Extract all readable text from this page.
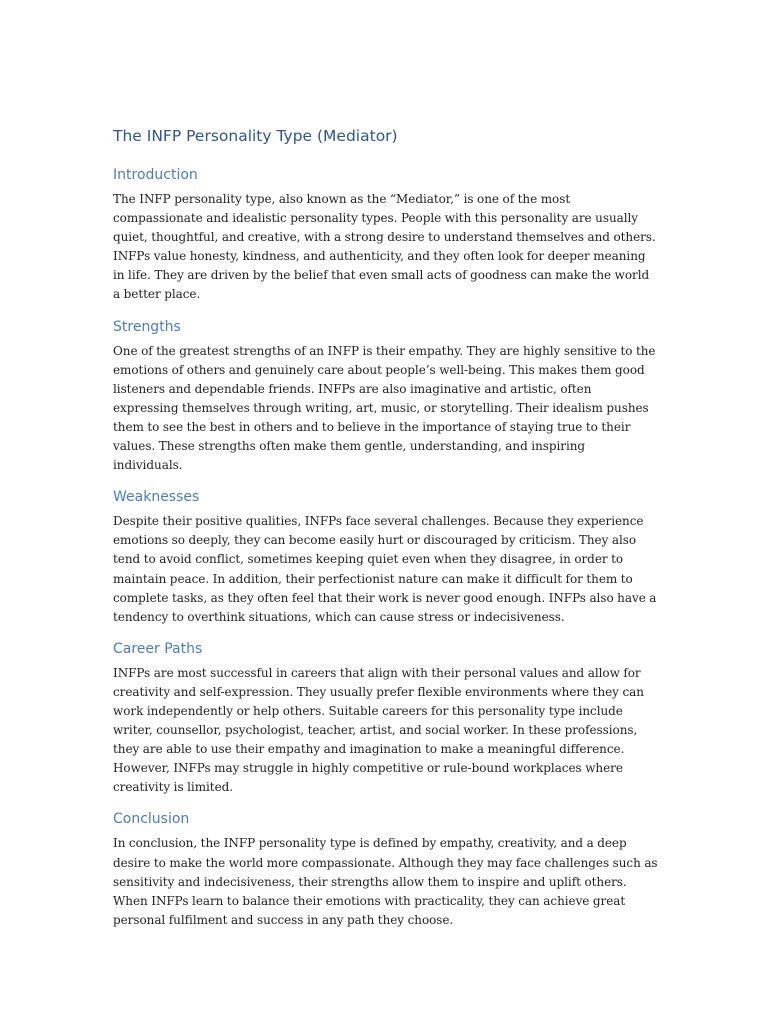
The INFP Personality Type (Mediator)
Introduction

The INFP personality type, also known as the “Mediator,” is one of the most compassionate and idealistic personality types. People with this personality are usually quiet, thoughtful, and creative, with a strong desire to understand themselves and others. INFPs value honesty, kindness, and authenticity, and they often look for deeper meaning in life. They are driven by the belief that even small acts of goodness can make the world a better place.

Strengths

One of the greatest strengths of an INFP is their empathy. They are highly sensitive to the emotions of others and genuinely care about people’s well-being. This makes them good listeners and dependable friends. INFPs are also imaginative and artistic, often expressing themselves through writing, art, music, or storytelling. Their idealism pushes them to see the best in others and to believe in the importance of staying true to their values. These strengths often make them gentle, understanding, and inspiring individuals.

Weaknesses

Despite their positive qualities, INFPs face several challenges. Because they experience emotions so deeply, they can become easily hurt or discouraged by criticism. They also tend to avoid conflict, sometimes keeping quiet even when they disagree, in order to maintain peace. In addition, their perfectionist nature can make it difficult for them to complete tasks, as they often feel that their work is never good enough. INFPs also have a tendency to overthink situations, which can cause stress or indecisiveness.

Career Paths

INFPs are most successful in careers that align with their personal values and allow for creativity and self-expression. They usually prefer flexible environments where they can work independently or help others. Suitable careers for this personality type include writer, counsellor, psychologist, teacher, artist, and social worker. In these professions, they are able to use their empathy and imagination to make a meaningful difference. However, INFPs may struggle in highly competitive or rule-bound workplaces where creativity is limited.

Conclusion

In conclusion, the INFP personality type is defined by empathy, creativity, and a deep desire to make the world more compassionate. Although they may face challenges such as sensitivity and indecisiveness, their strengths allow them to inspire and uplift others. When INFPs learn to balance their emotions with practicality, they can achieve great personal fulfilment and success in any path they choose.
